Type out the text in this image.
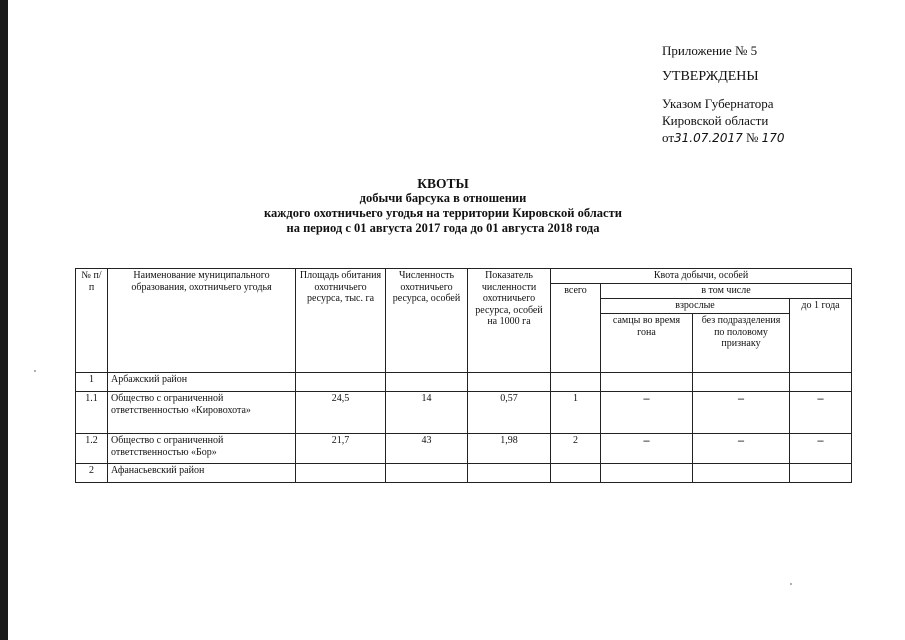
Приложение № 5
УТВЕРЖДЕНЫ
Указом Губернатора
Кировской области
от31.07.2017 № 170
КВОТЫ
добычи барсука в отношении
каждого охотничьего угодья на территории Кировской области
на период с 01 августа 2017 года до 01 августа 2018 года
№ п/п	Наименование муниципального образования, охотничьего угодья	Площадь обитания охотничьего ресурса, тыс. га	Численность охотничьего ресурса, особей	Показатель численности охотничьего ресурса, особей на 1000 га	Квота добычи, особей			
					всего	в том числе		
						взрослые		до 1 года
						самцы во время гона	без подразделения по половому признаку	
1	Арбажский район							
1.1	Общество с ограниченной ответственностью «Кировохота»	24,5	14	0,57	1	–	–	–
1.2	Общество с ограниченной ответственностью «Бор»	21,7	43	1,98	2	–	–	–
2	Афанасьевский район							
